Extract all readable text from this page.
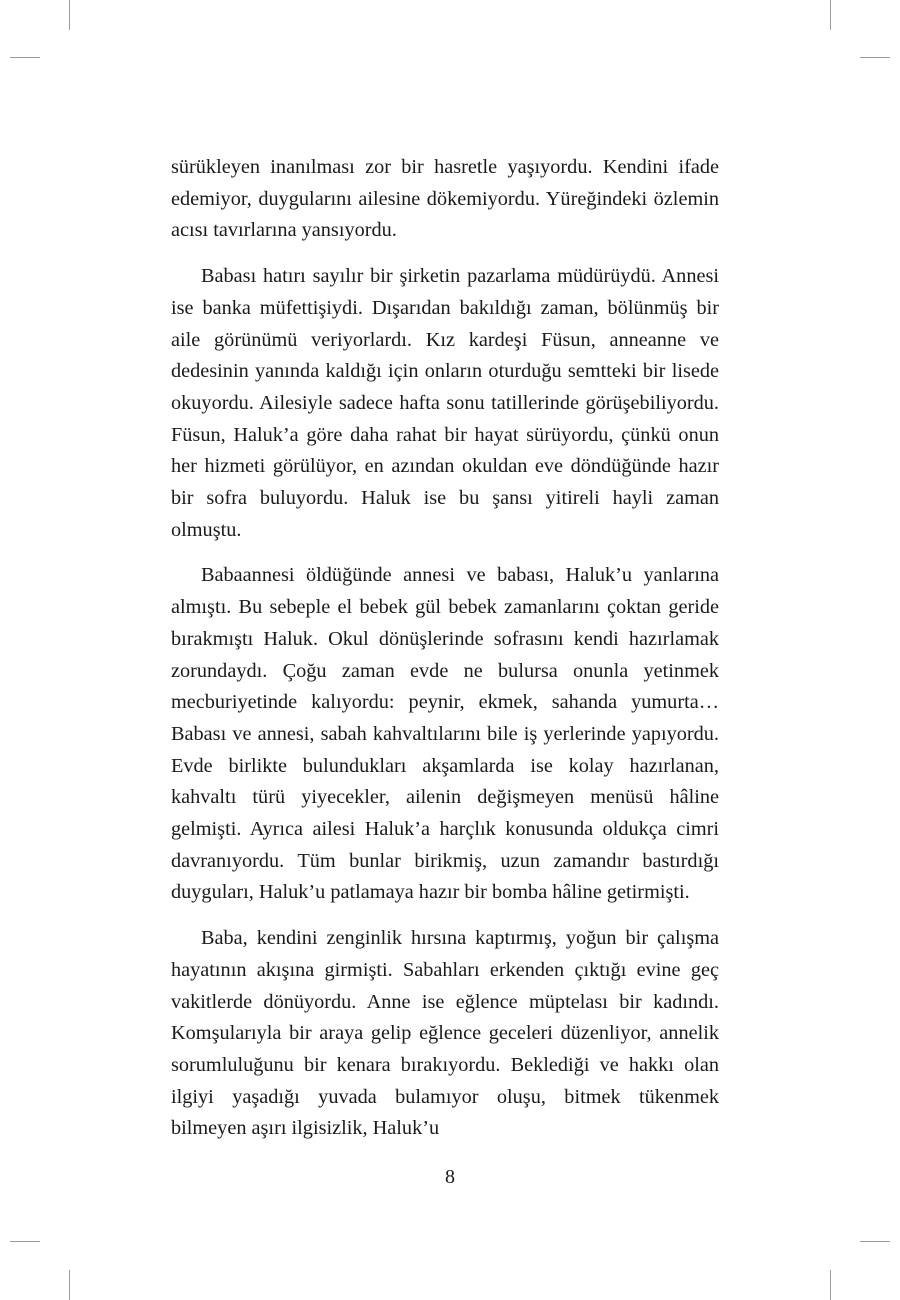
sürükleyen inanılması zor bir hasretle yaşıyordu. Kendini ifade edemiyor, duygularını ailesine dökemiyordu. Yüreğindeki özlemin acısı tavırlarına yansıyordu.

Babası hatırı sayılır bir şirketin pazarlama müdürüydü. Annesi ise banka müfettişiydi. Dışarıdan bakıldığı zaman, bölünmüş bir aile görünümü veriyorlardı. Kız kardeşi Füsun, anneanne ve dedesinin yanında kaldığı için onların oturduğu semtteki bir lisede okuyordu. Ailesiyle sadece hafta sonu tatillerinde görüşebiliyordu. Füsun, Haluk’a göre daha rahat bir hayat sürüyordu, çünkü onun her hizmeti görülüyor, en azından okuldan eve döndüğünde hazır bir sofra buluyordu. Haluk ise bu şansı yitireli hayli zaman olmuştu.

Babaannesi öldüğünde annesi ve babası, Haluk’u yanlarına almıştı. Bu sebeple el bebek gül bebek zamanlarını çoktan geride bırakmıştı Haluk. Okul dönüşlerinde sofrasını kendi hazırlamak zorundaydı. Çoğu zaman evde ne bulursa onunla yetinmek mecburiyetinde kalıyordu: peynir, ekmek, sahanda yumurta… Babası ve annesi, sabah kahvaltılarını bile iş yerlerinde yapıyordu. Evde birlikte bulundukları akşamlarda ise kolay hazırlanan, kahvaltı türü yiyecekler, ailenin değişmeyen menüsü hâline gelmişti. Ayrıca ailesi Haluk’a harçlık konusunda oldukça cimri davranıyordu. Tüm bunlar birikmiş, uzun zamandır bastırdığı duyguları, Haluk’u patlamaya hazır bir bomba hâline getirmişti.

Baba, kendini zenginlik hırsına kaptırmış, yoğun bir çalışma hayatının akışına girmişti. Sabahları erkenden çıktığı evine geç vakitlerde dönüyordu. Anne ise eğlence müptelası bir kadındı. Komşularıyla bir araya gelip eğlence geceleri düzenliyor, annelik sorumluluğunu bir kenara bırakıyordu. Beklediği ve hakkı olan ilgiyi yaşadığı yuvada bulamıyor oluşu, bitmek tükenmek bilmeyen aşırı ilgisizlik, Haluk’u

8
